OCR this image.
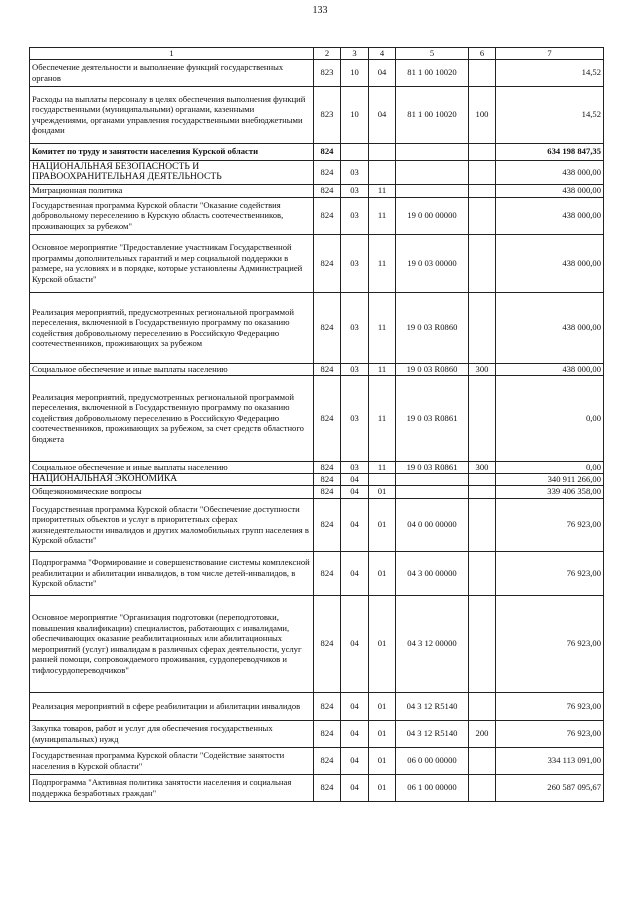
133
1	2	3	4	5	6	7
Обеспечение деятельности и выполнение функций государственных органов	823	10	04	81 1 00 10020		14,52
Расходы на выплаты персоналу в целях обеспечения выполнения функций государственными (муниципальными) органами, казенными учреждениями, органами управления государственными внебюджетными фондами	823	10	04	81 1 00 10020	100	14,52
Комитет по труду и занятости населения Курской области	824					634 198 847,35
НАЦИОНАЛЬНАЯ БЕЗОПАСНОСТЬ И ПРАВООХРАНИТЕЛЬНАЯ ДЕЯТЕЛЬНОСТЬ	824	03				438 000,00
Миграционная политика	824	03	11			438 000,00
Государственная программа Курской области "Оказание содействия добровольному переселению в Курскую область соотечественников, проживающих за рубежом"	824	03	11	19 0 00 00000		438 000,00
Основное мероприятие "Предоставление участникам Государственной программы дополнительных гарантий и мер социальной поддержки в размере, на условиях и в порядке, которые установлены Администрацией Курской области"	824	03	11	19 0 03 00000		438 000,00
Реализация мероприятий, предусмотренных региональной программой переселения, включенной в Государственную программу по оказанию содействия добровольному переселению в Российскую Федерацию соотечественников, проживающих за рубежом	824	03	11	19 0 03 R0860		438 000,00
Социальное обеспечение и иные выплаты населению	824	03	11	19 0 03 R0860	300	438 000,00
Реализация мероприятий, предусмотренных региональной программой переселения, включенной в Государственную программу по оказанию содействия добровольному переселению в Российскую Федерацию соотечественников, проживающих за рубежом, за счет средств областного бюджета	824	03	11	19 0 03 R0861		0,00
Социальное обеспечение и иные выплаты населению	824	03	11	19 0 03 R0861	300	0,00
НАЦИОНАЛЬНАЯ ЭКОНОМИКА	824	04				340 911 266,00
Общеэкономические вопросы	824	04	01			339 406 358,00
Государственная программа Курской области "Обеспечение доступности приоритетных объектов и услуг в приоритетных сферах жизнедеятельности инвалидов и других маломобильных групп населения в Курской области"	824	04	01	04 0 00 00000		76 923,00
Подпрограмма "Формирование и совершенствование системы комплексной реабилитации и абилитации инвалидов, в том числе детей-инвалидов, в Курской области"	824	04	01	04 3 00 00000		76 923,00
Основное мероприятие "Организация подготовки (переподготовки, повышения квалификации) специалистов, работающих с инвалидами, обеспечивающих оказание реабилитационных или абилитационных мероприятий (услуг) инвалидам в различных сферах деятельности, услуг ранней помощи, сопровождаемого проживания, сурдопереводчиков и тифлосурдопереводчиков"	824	04	01	04 3 12 00000		76 923,00
Реализация мероприятий в сфере реабилитации и абилитации инвалидов	824	04	01	04 3 12 R5140		76 923,00
Закупка товаров, работ и услуг для обеспечения государственных (муниципальных) нужд	824	04	01	04 3 12 R5140	200	76 923,00
Государственная программа Курской области "Содействие занятости населения в Курской области"	824	04	01	06 0 00 00000		334 113 091,00
Подпрограмма "Активная политика занятости населения и социальная поддержка безработных граждан"	824	04	01	06 1 00 00000		260 587 095,67
